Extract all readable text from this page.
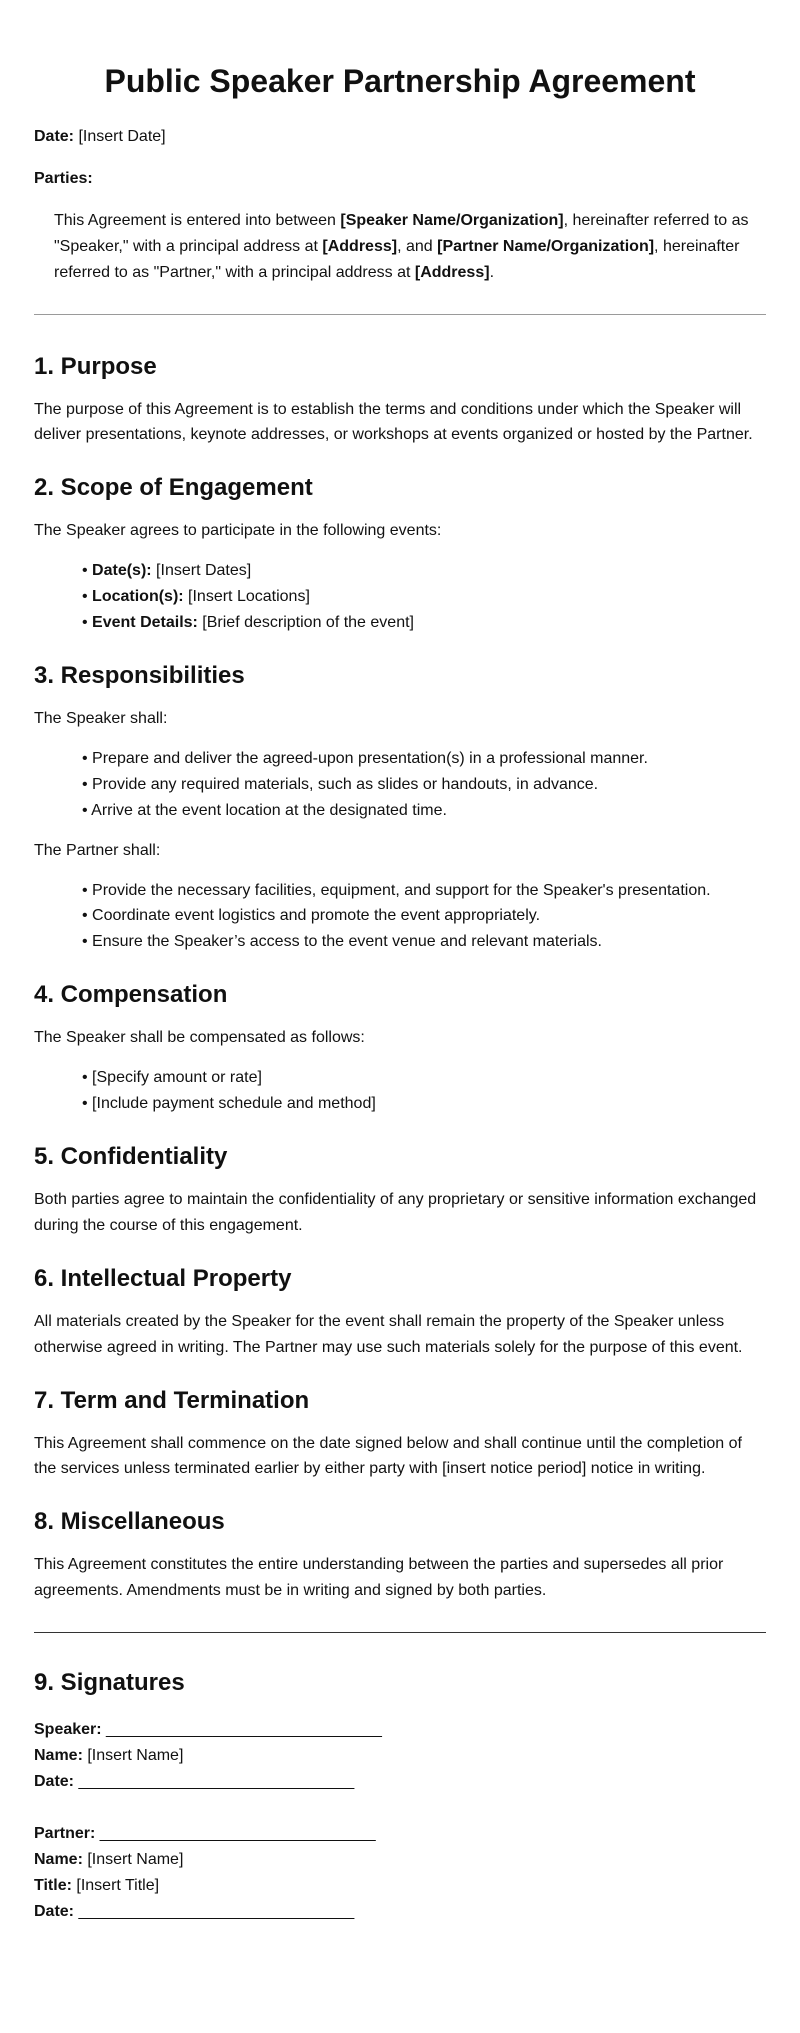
Public Speaker Partnership Agreement
Date: [Insert Date]
Parties:
This Agreement is entered into between [Speaker Name/Organization], hereinafter referred to as "Speaker," with a principal address at [Address], and [Partner Name/Organization], hereinafter referred to as "Partner," with a principal address at [Address].
1. Purpose

The purpose of this Agreement is to establish the terms and conditions under which the Speaker will deliver presentations, keynote addresses, or workshops at events organized or hosted by the Partner.

2. Scope of Engagement

The Speaker agrees to participate in the following events:

• Date(s): [Insert Dates]
• Location(s): [Insert Locations]
• Event Details: [Brief description of the event]
3. Responsibilities

The Speaker shall:

• Prepare and deliver the agreed-upon presentation(s) in a professional manner.
• Provide any required materials, such as slides or handouts, in advance.
• Arrive at the event location at the designated time.

The Partner shall:

• Provide the necessary facilities, equipment, and support for the Speaker's presentation.
• Coordinate event logistics and promote the event appropriately.
• Ensure the Speaker’s access to the event venue and relevant materials.
4. Compensation

The Speaker shall be compensated as follows:

• [Specify amount or rate]
• [Include payment schedule and method]
5. Confidentiality

Both parties agree to maintain the confidentiality of any proprietary or sensitive information exchanged during the course of this engagement.

6. Intellectual Property

All materials created by the Speaker for the event shall remain the property of the Speaker unless otherwise agreed in writing. The Partner may use such materials solely for the purpose of this event.

7. Term and Termination

This Agreement shall commence on the date signed below and shall continue until the completion of the services unless terminated earlier by either party with [insert notice period] notice in writing.

8. Miscellaneous

This Agreement constitutes the entire understanding between the parties and supersedes all prior agreements. Amendments must be in writing and signed by both parties.

9. Signatures
Speaker: _______________________________
Name: [Insert Name]
Date: _______________________________
Partner: _______________________________
Name: [Insert Name]
Title: [Insert Title]
Date: _______________________________
